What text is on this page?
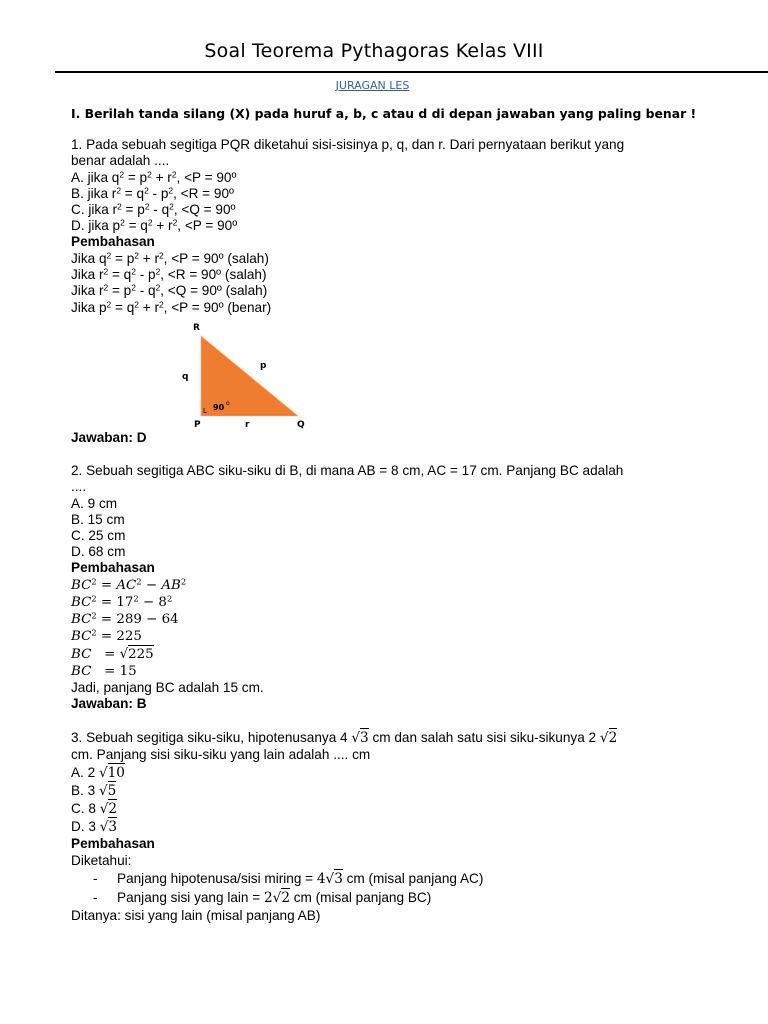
Soal Teorema Pythagoras Kelas VIII
JURAGAN LES
I. Berilah tanda silang (X) pada huruf a, b, c atau d di depan jawaban yang paling benar !
1. Pada sebuah segitiga PQR diketahui sisi-sisinya p, q, dan r. Dari pernyataan berikut yang
benar adalah ....
A. jika $q^2 = p^2 + r^2$, <P = 90º
B. jika $r^2 = q^2 - p^2$, <R = 90º
C. jika $r^2 = p^2 - q^2$, <Q = 90º
D. jika $p^2 = q^2 + r^2$, <P = 90º
Pembahasan
Jika $q^2 = p^2 + r^2$, <P = 90º (salah)
Jika $r^2 = q^2 - p^2$, <R = 90º (salah)
Jika $r^2 = p^2 - q^2$, <Q = 90º (salah)
Jika $p^2 = q^2 + r^2$, <P = 90º (benar)
R
p
q
L 90 o
P	r	Q
Jawaban: D
2. Sebuah segitiga ABC siku-siku di B, di mana AB = 8 cm, AC = 17 cm. Panjang BC adalah
....
A. 9 cm
B. 15 cm
C. 25 cm
D. 68 cm
Pembahasan
$BC^2 = AC^2 - AB^2$
$BC^2 = 17^2 - 8^2$
$BC^2 = 289 - 64$
$BC^2 = 225$
BC   = √225
BC   = 15
Jadi, panjang BC adalah 15 cm.
Jawaban: B
3. Sebuah segitiga siku-siku, hipotenusanya 4 √3 cm dan salah satu sisi siku-sikunya 2 √2
cm. Panjang sisi siku-siku yang lain adalah .... cm
A. 2 √10
B. 3 √5
C. 8 √2
D. 3 √3
Pembahasan
Diketahui:
- Panjang hipotenusa/sisi miring = 4√3 cm (misal panjang AC)
- Panjang sisi yang lain = 2√2 cm (misal panjang BC)
Ditanya: sisi yang lain (misal panjang AB)
